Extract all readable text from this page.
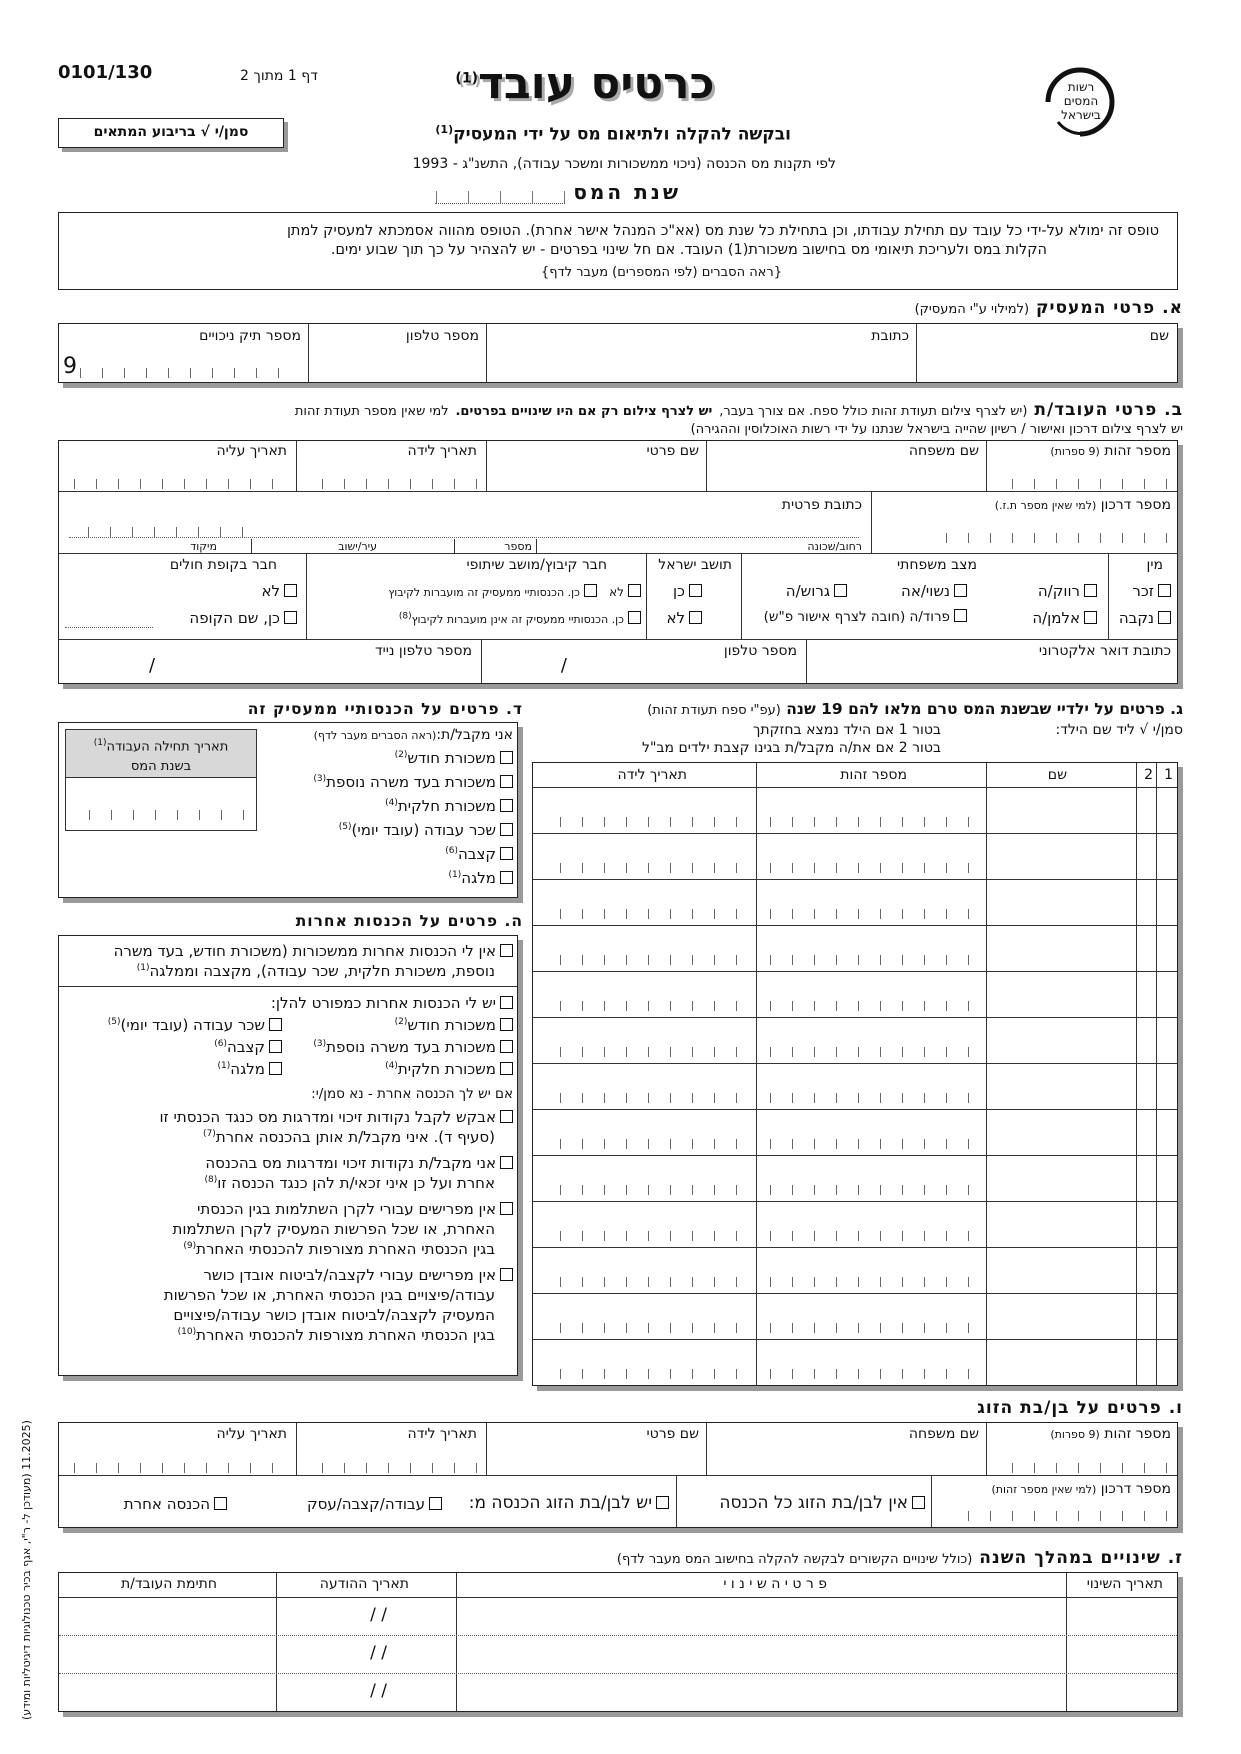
0101/130	דף 1 מתוך 2
סמן/י √ בריבוע המתאים
כרטיס עובד$^{(1)}$
ובקשה להקלה ולתיאום מס על ידי המעסיק$^{(1)}$
לפי תקנות מס הכנסה (ניכוי ממשכורות ומשכר עבודה), התשנ"ג - 1993
שנת המס
רשות המסים בישראל
טופס זה ימולא על-ידי כל עובד עם תחילת עבודתו, וכן בתחילת כל שנת מס (אא"כ המנהל אישר אחרת). הטופס מהווה אסמכתא למעסיק למתן
הקלות במס ולעריכת תיאומי מס בחישוב משכורת(1) העובד. אם חל שינוי בפרטים - יש להצהיר על כך תוך שבוע ימים.
{ראה הסברים (לפי המספרים) מעבר לדף}
א. פרטי המעסיק (למילוי ע"י המעסיק)
שם
כתובת
מספר טלפון
מספר תיק ניכויים
9
ב. פרטי העובד/ת (יש לצרף צילום תעודת זהות כולל ספח. אם צורך בעבר, יש לצרף צילום רק אם היו שינויים בפרטים. למי שאין מספר תעודת זהות
יש לצרף צילום דרכון ואישור / רשיון שהייה בישראל שנתנו על ידי רשות האוכלוסין וההגירה)
מספר זהות (9 ספרות)
שם משפחה
שם פרטי
תאריך לידה
תאריך עליה
מספר דרכון (למי שאין מספר ת.ז.)
כתובת פרטית
רחוב/שכונה
מספר
עיר/ישוב
מיקוד
מין
זכר
נקבה
מצב משפחתי
רווק/ה
נשוי/אה
גרוש/ה
אלמן/ה
פרוד/ה (חובה לצרף אישור פ"ש)
תושב ישראל
כן
לא
חבר קיבוץ/מושב שיתופי
לא
כן. הכנסותיי ממעסיק זה מועברות לקיבוץ
כן. הכנסותיי ממעסיק זה אינן מועברות לקיבוץ$^{(8)}$
חבר בקופת חולים
לא
כן, שם הקופה
כתובת דואר אלקטרוני
מספר טלפון
/
מספר טלפון נייד
/
ג. פרטים על ילדיי שבשנת המס טרם מלאו להם 19 שנה (עפ"י ספח תעודת זהות)
סמן/י √ ליד שם הילד:
בטור 1 אם הילד נמצא בחזקתך
בטור 2 אם את/ה מקבל/ת בגינו קצבת ילדים מב"ל
1
2
שם
מספר זהות
תאריך לידה
ד. פרטים על הכנסותיי ממעסיק זה
אני מקבל/ת:(ראה הסברים מעבר לדף)
משכורת חודש$^{(2)}$
משכורת בעד משרה נוספת$^{(3)}$
משכורת חלקית$^{(4)}$
שכר עבודה (עובד יומי)$^{(5)}$
קצבה$^{(6)}$
מלגה$^{(1)}$
תאריך תחילה העבודה$^{(1)}$
בשנת המס
ה. פרטים על הכנסות אחרות
אין לי הכנסות אחרות ממשכורות (משכורת חודש, בעד משרה
נוספת, משכורת חלקית, שכר עבודה), מקצבה וממלגה$^{(1)}$
יש לי הכנסות אחרות כמפורט להלן:
משכורת חודש$^{(2)}$
משכורת בעד משרה נוספת$^{(3)}$
משכורת חלקית$^{(4)}$
שכר עבודה (עובד יומי)$^{(5)}$
קצבה$^{(6)}$
מלגה$^{(1)}$
אם יש לך הכנסה אחרת - נא סמן/י:
אבקש לקבל נקודות זיכוי ומדרגות מס כנגד הכנסתי זו
(סעיף ד). איני מקבל/ת אותן בהכנסה אחרת$^{(7)}$
אני מקבל/ת נקודות זיכוי ומדרגות מס בהכנסה
אחרת ועל כן איני זכאי/ת להן כנגד הכנסה זו$^{(8)}$
אין מפרישים עבורי לקרן השתלמות בגין הכנסתי
האחרת, או שכל הפרשות המעסיק לקרן השתלמות
בגין הכנסתי האחרת מצורפות להכנסתי האחרת$^{(9)}$
אין מפרישים עבורי לקצבה/לביטוח אובדן כושר
עבודה/פיצויים בגין הכנסתי האחרת, או שכל הפרשות
המעסיק לקצבה/לביטוח אובדן כושר עבודה/פיצויים
בגין הכנסתי האחרת מצורפות להכנסתי האחרת$^{(10)}$
ו. פרטים על בן/בת הזוג
מספר זהות (9 ספרות)
שם משפחה
שם פרטי
תאריך לידה
תאריך עליה
מספר דרכון (למי שאין מספר זהות)
אין לבן/בת הזוג כל הכנסה
יש לבן/בת הזוג הכנסה מ:
עבודה/קצבה/עסק
הכנסה אחרת
ז. שינויים במהלך השנה (כולל שינויים הקשורים לבקשה להקלה בחישוב המס מעבר לדף)
תאריך השינוי
פ ר ט י ה ש י נ ו י
תאריך ההודעה
חתימת העובד/ת
/ /
/ /
/ /
(11.2025 (מעודכן ל- ר"י, אגף בכיר טכנולוגיות דיגיטליות ומידע)
